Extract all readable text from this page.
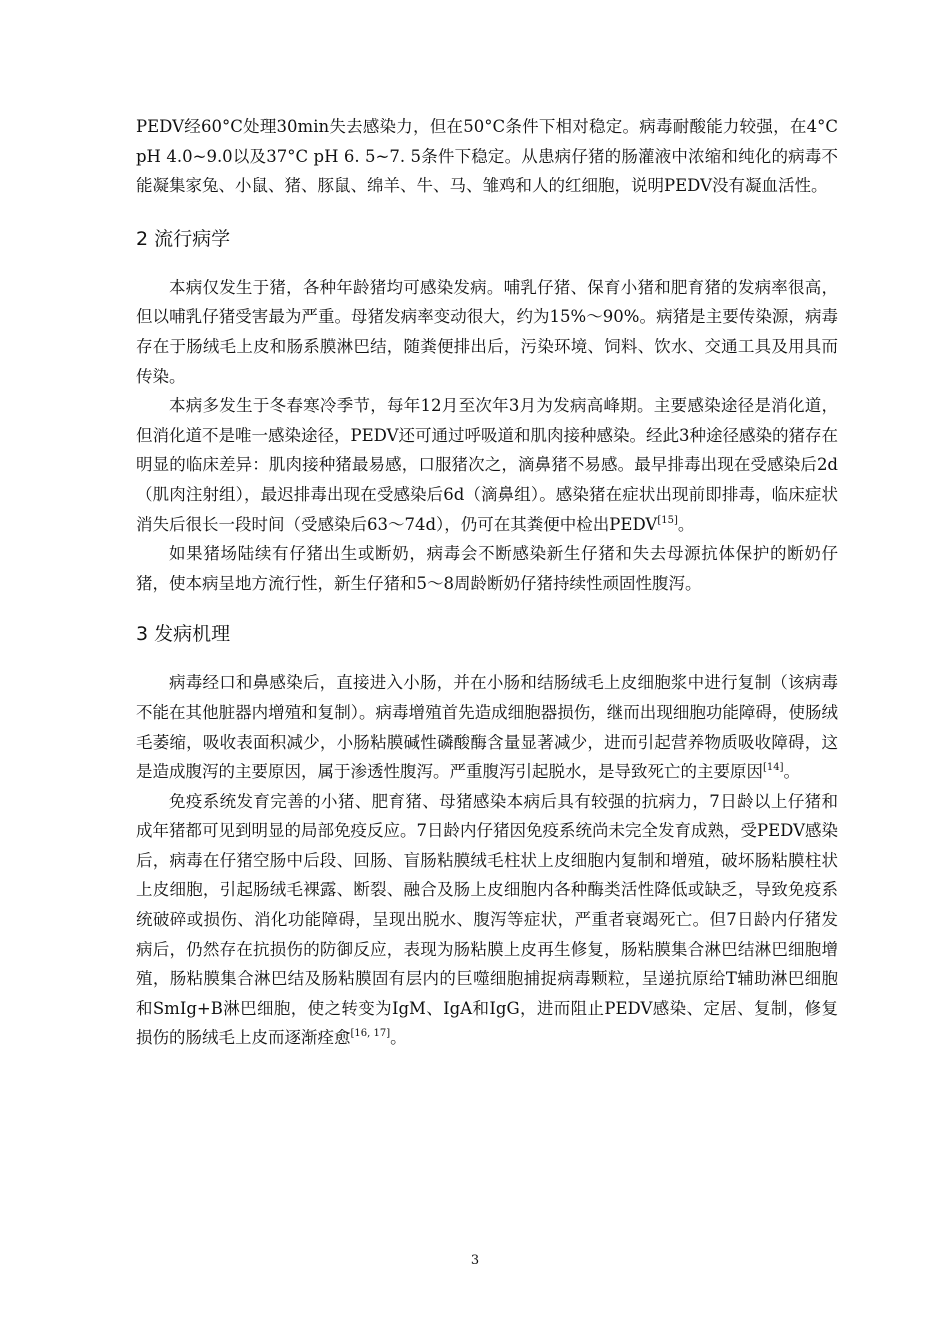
PEDV经60°C处理30min失去感染力，但在50°C条件下相对稳定。病毒耐酸能力较强，在4°C pH 4.0~9.0以及37°C pH 6. 5~7. 5条件下稳定。从患病仔猪的肠灌液中浓缩和纯化的病毒不能凝集家兔、小鼠、猪、豚鼠、绵羊、牛、马、雏鸡和人的红细胞，说明PEDV没有凝血活性。

2 流行病学

本病仅发生于猪，各种年龄猪均可感染发病。哺乳仔猪、保育小猪和肥育猪的发病率很高，但以哺乳仔猪受害最为严重。母猪发病率变动很大，约为15%～90%。病猪是主要传染源，病毒存在于肠绒毛上皮和肠系膜淋巴结，随粪便排出后，污染环境、饲料、饮水、交通工具及用具而传染。

本病多发生于冬春寒冷季节，每年12月至次年3月为发病高峰期。主要感染途径是消化道，但消化道不是唯一感染途径，PEDV还可通过呼吸道和肌肉接种感染。经此3种途径感染的猪存在明显的临床差异：肌肉接种猪最易感，口服猪次之，滴鼻猪不易感。最早排毒出现在受感染后2d（肌肉注射组），最迟排毒出现在受感染后6d（滴鼻组）。感染猪在症状出现前即排毒，临床症状消失后很长一段时间（受感染后63～74d），仍可在其粪便中检出PEDV[15]。

如果猪场陆续有仔猪出生或断奶，病毒会不断感染新生仔猪和失去母源抗体保护的断奶仔猪，使本病呈地方流行性，新生仔猪和5～8周龄断奶仔猪持续性顽固性腹泻。

3 发病机理

病毒经口和鼻感染后，直接进入小肠，并在小肠和结肠绒毛上皮细胞浆中进行复制（该病毒不能在其他脏器内增殖和复制）。病毒增殖首先造成细胞器损伤，继而出现细胞功能障碍，使肠绒毛萎缩，吸收表面积减少，小肠粘膜碱性磷酸酶含量显著减少，进而引起营养物质吸收障碍，这是造成腹泻的主要原因，属于渗透性腹泻。严重腹泻引起脱水，是导致死亡的主要原因[14]。

免疫系统发育完善的小猪、肥育猪、母猪感染本病后具有较强的抗病力，7日龄以上仔猪和成年猪都可见到明显的局部免疫反应。7日龄内仔猪因免疫系统尚未完全发育成熟，受PEDV感染后，病毒在仔猪空肠中后段、回肠、盲肠粘膜绒毛柱状上皮细胞内复制和增殖，破坏肠粘膜柱状上皮细胞，引起肠绒毛裸露、断裂、融合及肠上皮细胞内各种酶类活性降低或缺乏，导致免疫系统破碎或损伤、消化功能障碍，呈现出脱水、腹泻等症状，严重者衰竭死亡。但7日龄内仔猪发病后，仍然存在抗损伤的防御反应，表现为肠粘膜上皮再生修复，肠粘膜集合淋巴结淋巴细胞增殖，肠粘膜集合淋巴结及肠粘膜固有层内的巨噬细胞捕捉病毒颗粒，呈递抗原给T辅助淋巴细胞和SmIg+B淋巴细胞，使之转变为IgM、IgA和IgG，进而阻止PEDV感染、定居、复制，修复损伤的肠绒毛上皮而逐渐痊愈[16, 17]。

3
